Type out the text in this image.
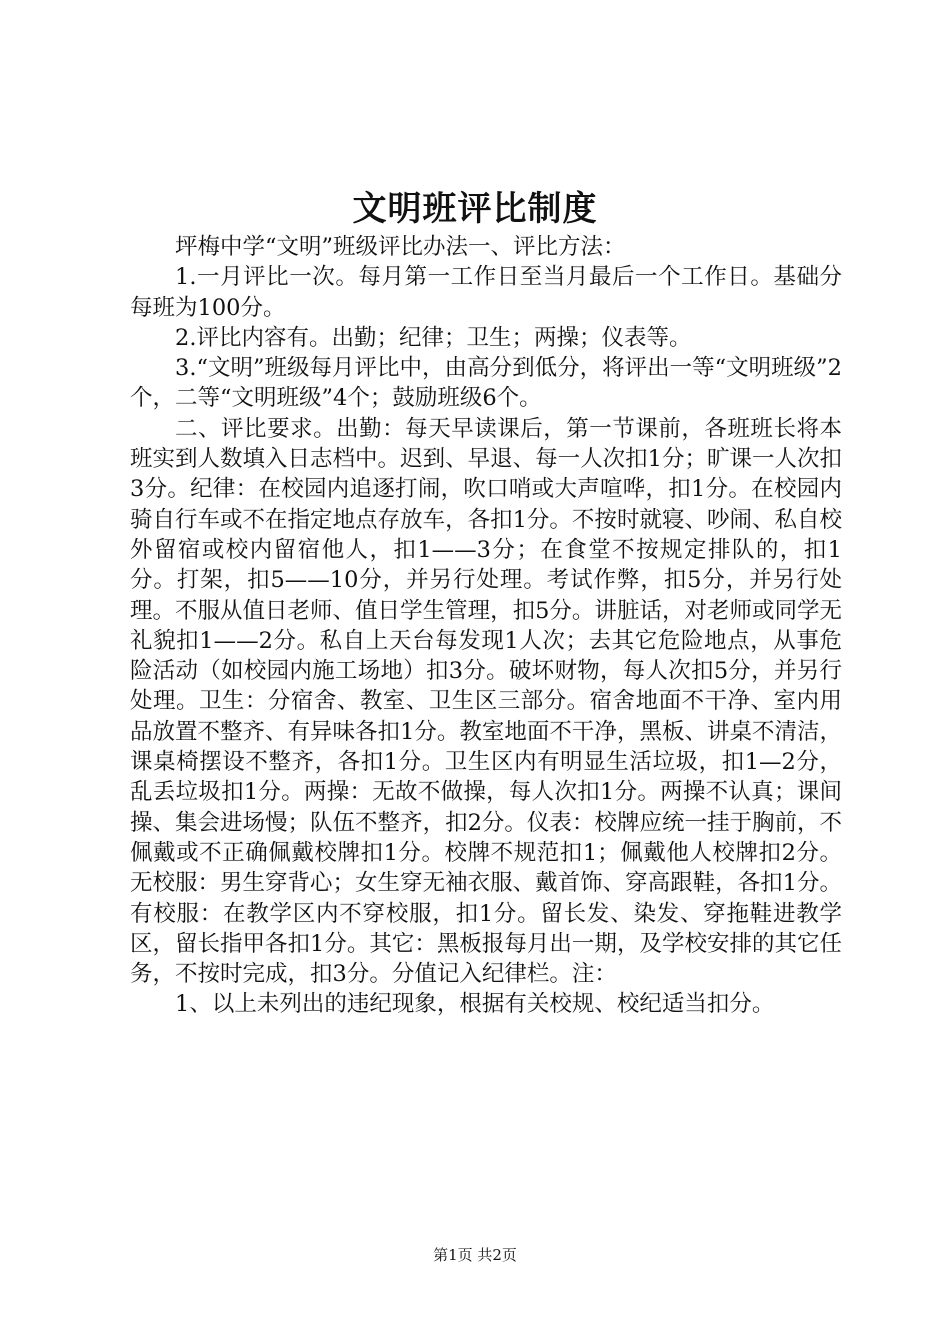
文明班评比制度

坪梅中学“文明”班级评比办法一、评比方法：

1.一月评比一次。每月第一工作日至当月最后一个工作日。基础分每班为100分。

2.评比内容有。出勤；纪律；卫生；两操；仪表等。

3.“文明”班级每月评比中，由高分到低分，将评出一等“文明班级”2个，二等“文明班级”4个；鼓励班级6个。

二、评比要求。出勤：每天早读课后，第一节课前，各班班长将本班实到人数填入日志档中。迟到、早退、每一人次扣1分；旷课一人次扣3分。纪律：在校园内追逐打闹，吹口哨或大声喧哗，扣1分。在校园内骑自行车或不在指定地点存放车，各扣1分。不按时就寝、吵闹、私自校外留宿或校内留宿他人，扣1——3分；在食堂不按规定排队的，扣1分。打架，扣5——10分，并另行处理。考试作弊，扣5分，并另行处理。不服从值日老师、值日学生管理，扣5分。讲脏话，对老师或同学无礼貌扣1——2分。私自上天台每发现1人次；去其它危险地点，从事危险活动（如校园内施工场地）扣3分。破坏财物，每人次扣5分，并另行处理。卫生：分宿舍、教室、卫生区三部分。宿舍地面不干净、室内用品放置不整齐、有异味各扣1分。教室地面不干净，黑板、讲桌不清洁，课桌椅摆设不整齐，各扣1分。卫生区内有明显生活垃圾，扣1—2分，乱丢垃圾扣1分。两操：无故不做操，每人次扣1分。两操不认真；课间操、集会进场慢；队伍不整齐，扣2分。仪表：校牌应统一挂于胸前，不佩戴或不正确佩戴校牌扣1分。校牌不规范扣1；佩戴他人校牌扣2分。无校服：男生穿背心；女生穿无袖衣服、戴首饰、穿高跟鞋，各扣1分。有校服：在教学区内不穿校服，扣1分。留长发、染发、穿拖鞋进教学区，留长指甲各扣1分。其它：黑板报每月出一期，及学校安排的其它任务，不按时完成，扣3分。分值记入纪律栏。注：

1、以上未列出的违纪现象，根据有关校规、校纪适当扣分。

第1页 共2页
